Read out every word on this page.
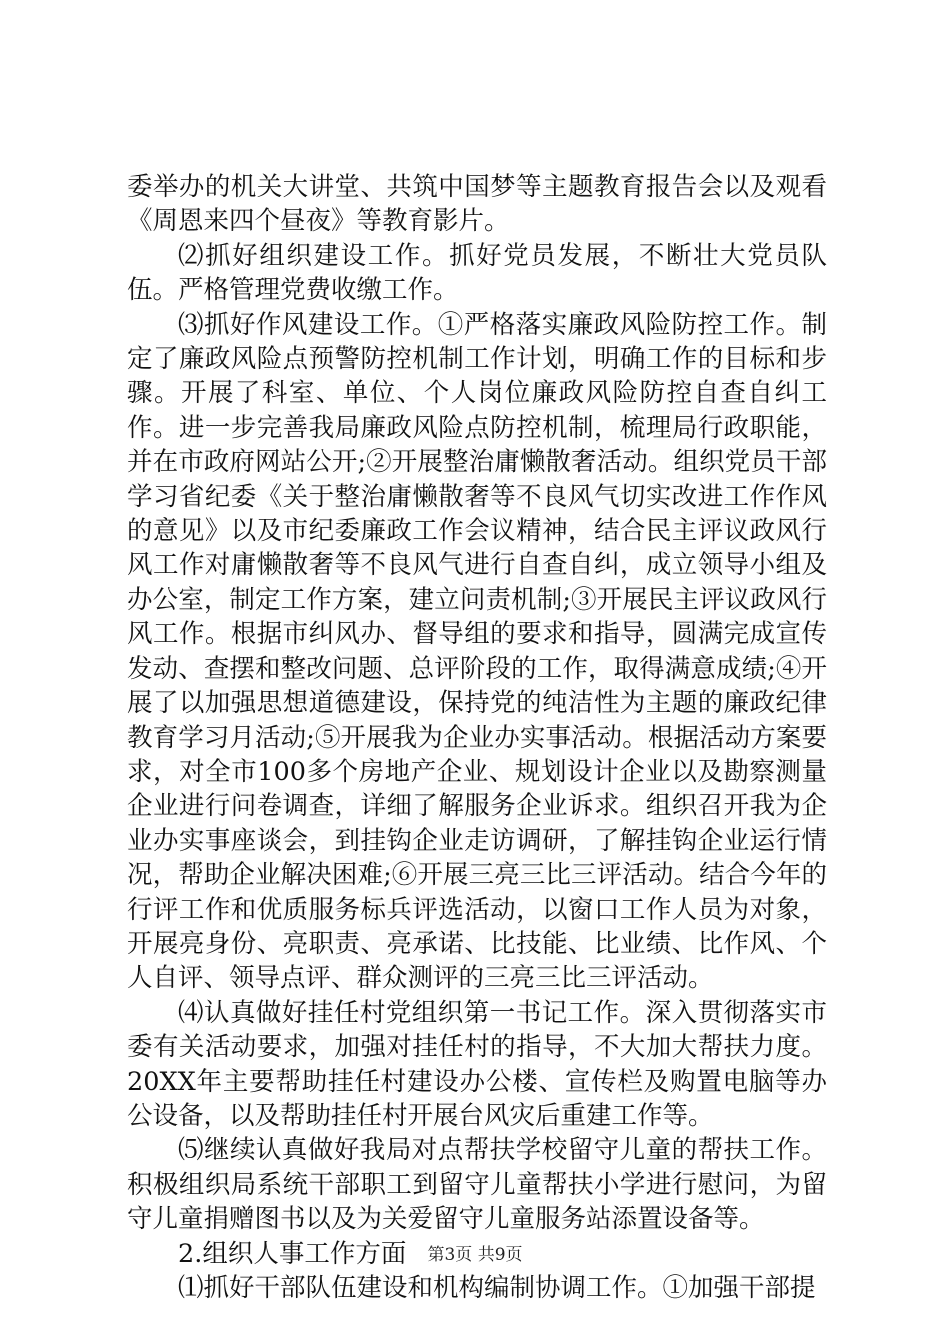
委举办的机关大讲堂、共筑中国梦等主题教育报告会以及观看《周恩来四个昼夜》等教育影片。

⑵抓好组织建设工作。抓好党员发展，不断壮大党员队伍。严格管理党费收缴工作。

⑶抓好作风建设工作。①严格落实廉政风险防控工作。制定了廉政风险点预警防控机制工作计划，明确工作的目标和步骤。开展了科室、单位、个人岗位廉政风险防控自查自纠工作。进一步完善我局廉政风险点防控机制，梳理局行政职能，并在市政府网站公开;②开展整治庸懒散奢活动。组织党员干部学习省纪委《关于整治庸懒散奢等不良风气切实改进工作作风的意见》以及市纪委廉政工作会议精神，结合民主评议政风行风工作对庸懒散奢等不良风气进行自查自纠，成立领导小组及办公室，制定工作方案，建立问责机制;③开展民主评议政风行风工作。根据市纠风办、督导组的要求和指导，圆满完成宣传发动、查摆和整改问题、总评阶段的工作，取得满意成绩;④开展了以加强思想道德建设，保持党的纯洁性为主题的廉政纪律教育学习月活动;⑤开展我为企业办实事活动。根据活动方案要求，对全市100多个房地产企业、规划设计企业以及勘察测量企业进行问卷调查，详细了解服务企业诉求。组织召开我为企业办实事座谈会，到挂钩企业走访调研，了解挂钩企业运行情况，帮助企业解决困难;⑥开展三亮三比三评活动。结合今年的行评工作和优质服务标兵评选活动，以窗口工作人员为对象，开展亮身份、亮职责、亮承诺、比技能、比业绩、比作风、个人自评、领导点评、群众测评的三亮三比三评活动。

⑷认真做好挂任村党组织第一书记工作。深入贯彻落实市委有关活动要求，加强对挂任村的指导，不大加大帮扶力度。20XX年主要帮助挂任村建设办公楼、宣传栏及购置电脑等办公设备，以及帮助挂任村开展台风灾后重建工作等。

⑸继续认真做好我局对点帮扶学校留守儿童的帮扶工作。积极组织局系统干部职工到留守儿童帮扶小学进行慰问，为留守儿童捐赠图书以及为关爱留守儿童服务站添置设备等。

2.组织人事工作方面

⑴抓好干部队伍建设和机构编制协调工作。①加强干部提

第3页 共9页
